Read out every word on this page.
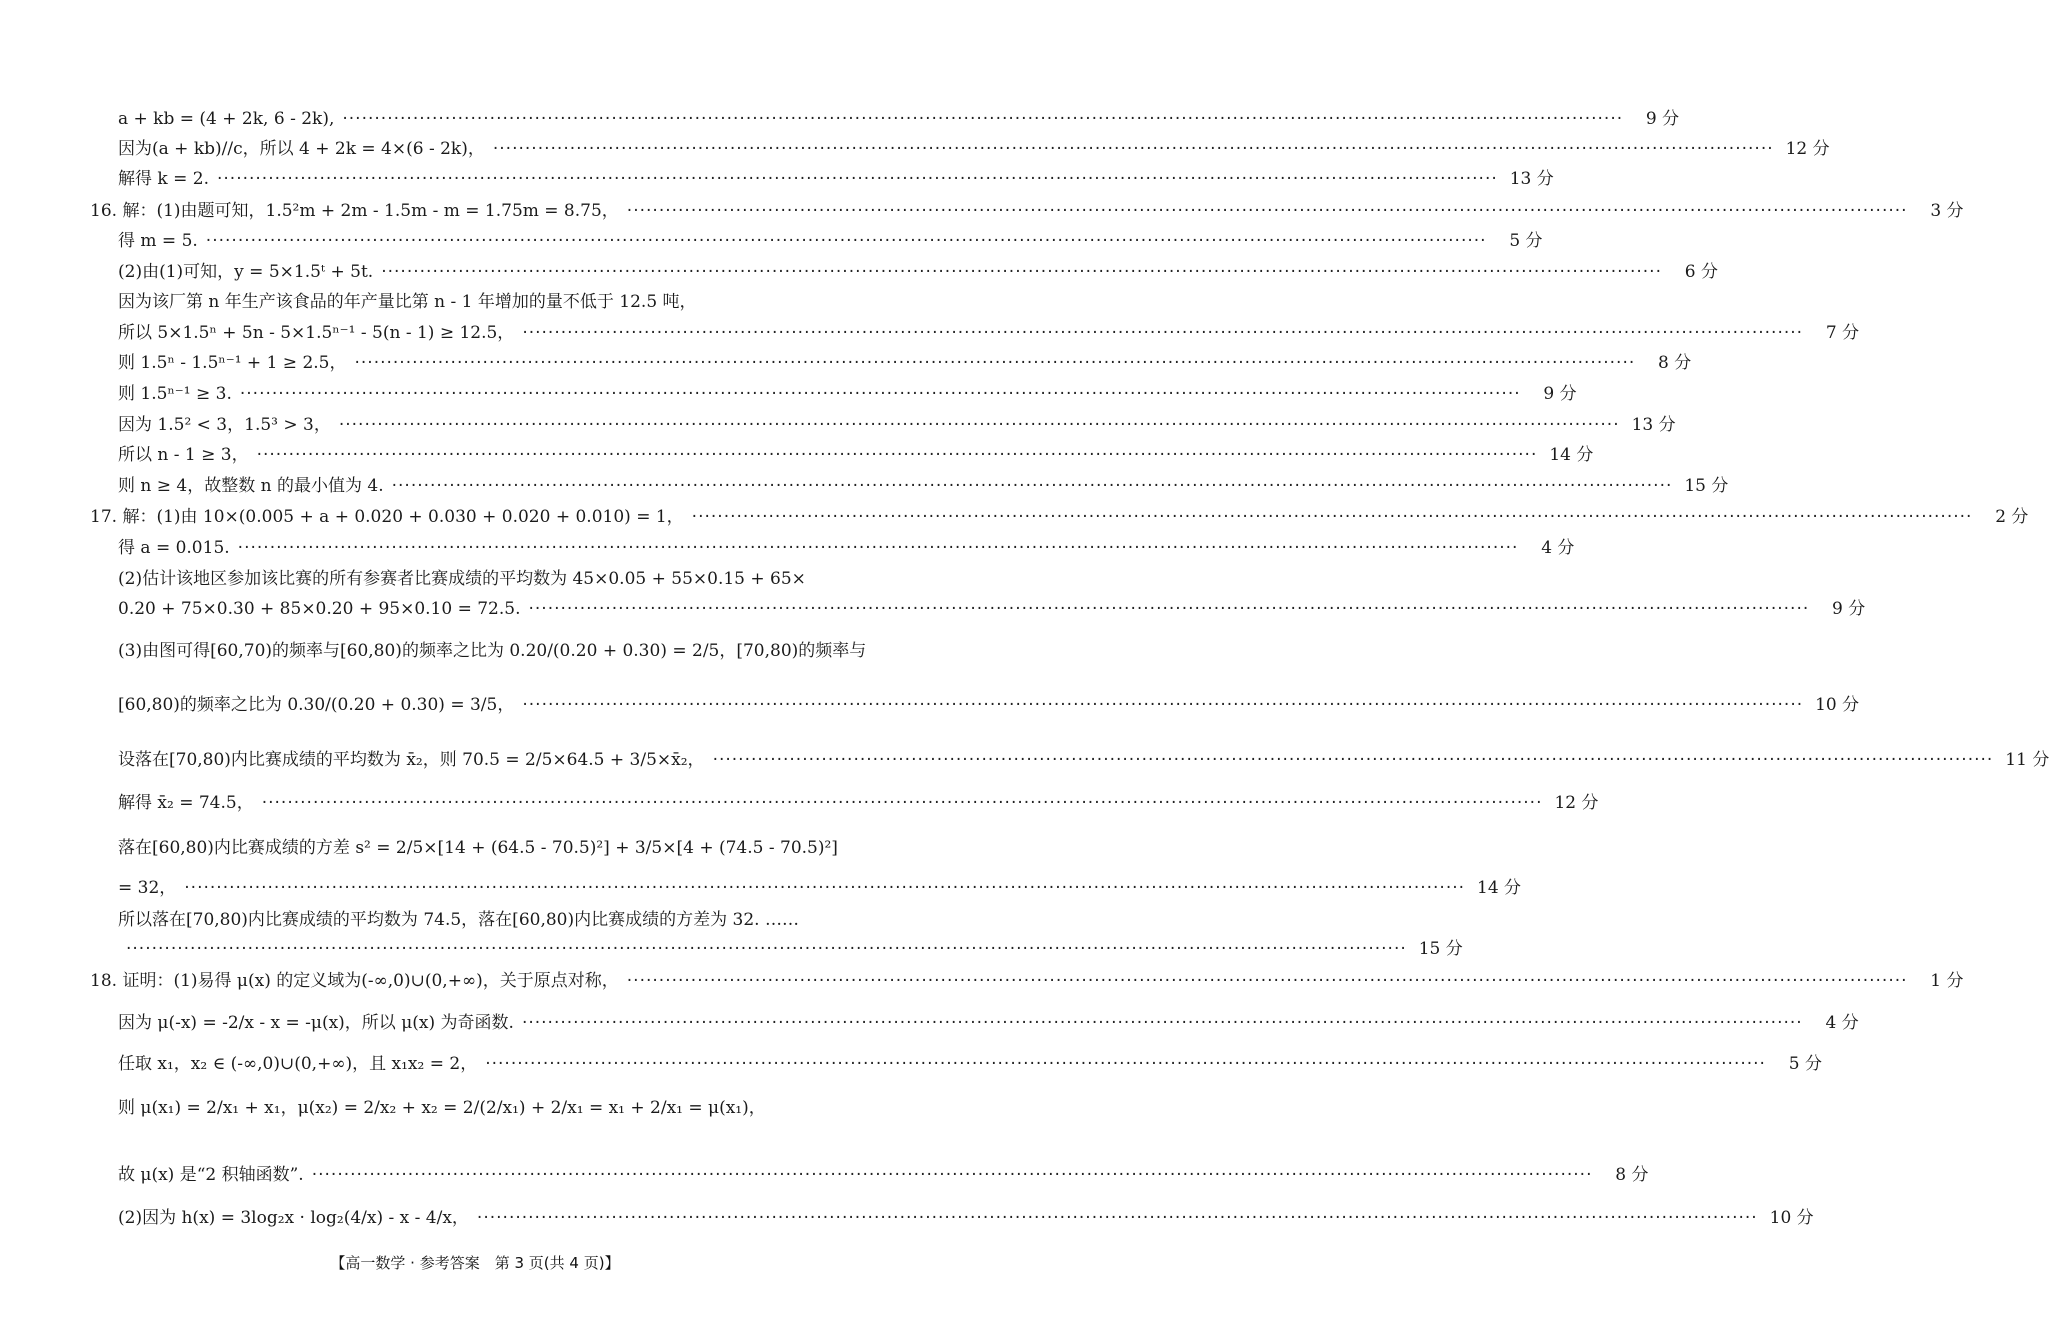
a + kb = (4 + 2k, 6 - 2k), ········································································································································································································	9 分
因为(a + kb)//c，所以 4 + 2k = 4×(6 - 2k)， ········································································································································································································ 12 分
解得 k = 2. ········································································································································································································ 13 分
16. 解：(1)由题可知，1.5²m + 2m - 1.5m - m = 1.75m = 8.75， ········································································································································································································	3 分
得 m = 5. ········································································································································································································	5 分
(2)由(1)可知，y = 5×1.5ᵗ + 5t. ········································································································································································································	6 分
所以 5×1.5ⁿ + 5n - 5×1.5ⁿ⁻¹ - 5(n - 1) ≥ 12.5， ········································································································································································································	7 分
则 1.5ⁿ - 1.5ⁿ⁻¹ + 1 ≥ 2.5， ········································································································································································································	8 分
则 1.5ⁿ⁻¹ ≥ 3. ········································································································································································································	9 分
因为 1.5² < 3，1.5³ > 3， ········································································································································································································ 13 分
所以 n - 1 ≥ 3， ········································································································································································································ 14 分
则 n ≥ 4，故整数 n 的最小值为 4. ········································································································································································································ 15 分
17. 解：(1)由 10×(0.005 + a + 0.020 + 0.030 + 0.020 + 0.010) = 1， ········································································································································································································	2 分
得 a = 0.015. ········································································································································································································	4 分
0.20 + 75×0.30 + 85×0.20 + 95×0.10 = 72.5. ········································································································································································································	9 分
[60,80)的频率之比为 0.30/(0.20 + 0.30) = 3/5， ········································································································································································································ 10 分
设落在[70,80)内比赛成绩的平均数为 x̄₂，则 70.5 = 2/5×64.5 + 3/5×x̄₂， ········································································································································································································ 11 分
解得 x̄₂ = 74.5， ········································································································································································································ 12 分
= 32， ········································································································································································································ 14 分
········································································································································································································ 15 分
18. 证明：(1)易得 μ(x) 的定义域为(-∞,0)∪(0,+∞)，关于原点对称， ········································································································································································································	1 分
因为 μ(-x) = -2/x - x = -μ(x)，所以 μ(x) 为奇函数. ········································································································································································································	4 分
任取 x₁，x₂ ∈ (-∞,0)∪(0,+∞)，且 x₁x₂ = 2， ········································································································································································································	5 分
故 μ(x) 是“2 积轴函数”. ········································································································································································································	8 分
(2)因为 h(x) = 3log₂x · log₂(4/x) - x - 4/x， ········································································································································································································ 10 分
因为该厂第 n 年生产该食品的年产量比第 n - 1 年增加的量不低于 12.5 吨，
(2)估计该地区参加该比赛的所有参赛者比赛成绩的平均数为 45×0.05 + 55×0.15 + 65×
(3)由图可得[60,70)的频率与[60,80)的频率之比为 0.20/(0.20 + 0.30) = 2/5，[70,80)的频率与
落在[60,80)内比赛成绩的方差 s² = 2/5×[14 + (64.5 - 70.5)²] + 3/5×[4 + (74.5 - 70.5)²]
所以落在[70,80)内比赛成绩的平均数为 74.5，落在[60,80)内比赛成绩的方差为 32. ……
则 μ(x₁) = 2/x₁ + x₁，μ(x₂) = 2/x₂ + x₂ = 2/(2/x₁) + 2/x₁ = x₁ + 2/x₁ = μ(x₁)，
【高一数学 · 参考答案　第 3 页(共 4 页)】
